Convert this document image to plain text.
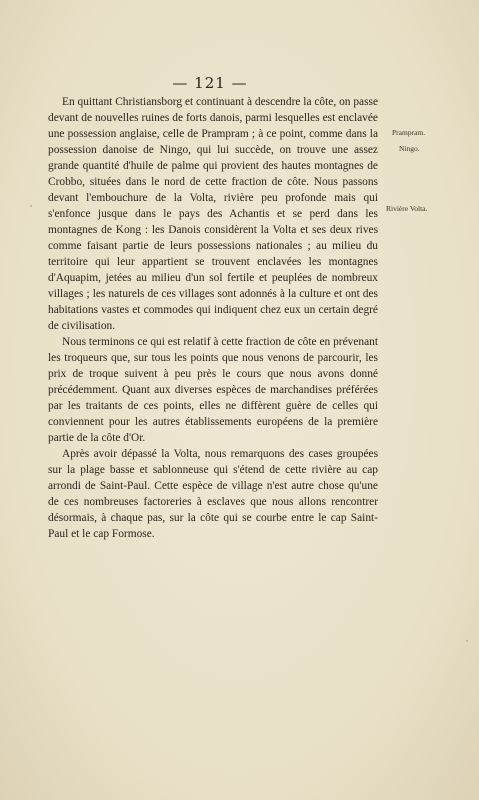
— 121 —

En quittant Christiansborg et continuant à descendre la côte, on passe devant de nouvelles ruines de forts danois, parmi lesquelles est enclavée une possession anglaise, celle de Prampram ; à ce point, comme dans la possession danoise de Ningo, qui lui succède, on trouve une assez grande quantité d'huile de palme qui provient des hautes montagnes de Crobbo, situées dans le nord de cette fraction de côte. Nous passons devant l'embouchure de la Volta, rivière peu profonde mais qui s'enfonce jusque dans le pays des Achantis et se perd dans les montagnes de Kong : les Danois considèrent la Volta et ses deux rives comme faisant partie de leurs possessions nationales ; au milieu du territoire qui leur appartient se trouvent enclavées les montagnes d'Aquapim, jetées au milieu d'un sol fertile et peuplées de nombreux villages ; les naturels de ces villages sont adonnés à la culture et ont des habitations vastes et commodes qui indiquent chez eux un certain degré de civilisation.

Nous terminons ce qui est relatif à cette fraction de côte en prévenant les troqueurs que, sur tous les points que nous venons de parcourir, les prix de troque suivent à peu près le cours que nous avons donné précédemment. Quant aux diverses espèces de marchandises préférées par les traitants de ces points, elles ne diffèrent guère de celles qui conviennent pour les autres établissements européens de la première partie de la côte d'Or.

Après avoir dépassé la Volta, nous remarquons des cases groupées sur la plage basse et sablonneuse qui s'étend de cette rivière au cap arrondi de Saint-Paul. Cette espèce de village n'est autre chose qu'une de ces nombreuses factoreries à esclaves que nous allons rencontrer désormais, à chaque pas, sur la côte qui se courbe entre le cap Saint-Paul et le cap Formose.

Prampram.
Ningo.
Rivière Volta.
